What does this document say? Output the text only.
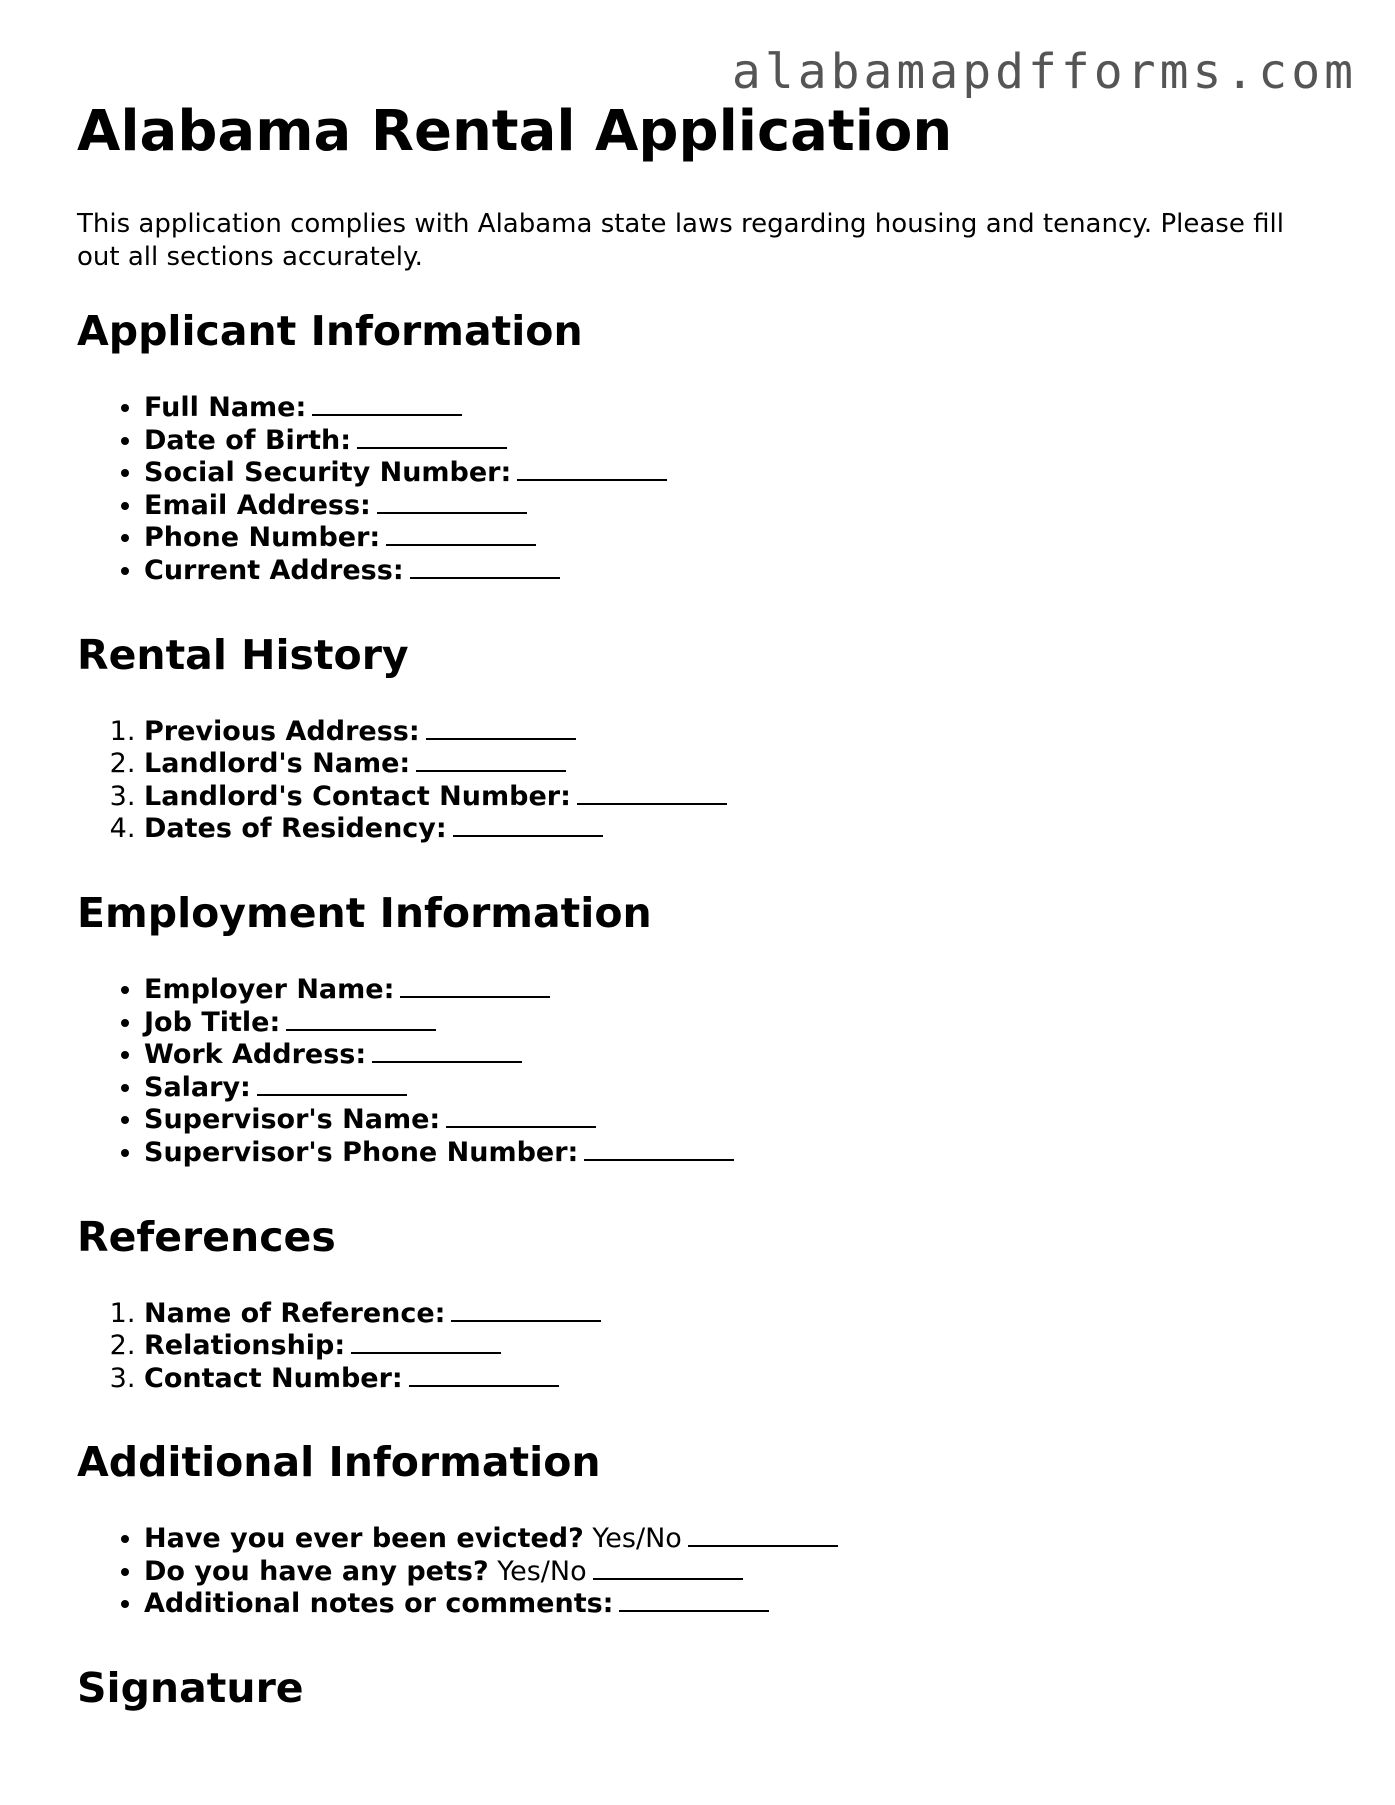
alabamapdfforms.com

Alabama Rental Application

This application complies with Alabama state laws regarding housing and tenancy. Please fill out all sections accurately.

Applicant Information
• Full Name:
• Date of Birth:
• Social Security Number:
• Email Address:
• Phone Number:
• Current Address:
Rental History
1. Previous Address:
2. Landlord's Name:
3. Landlord's Contact Number:
4. Dates of Residency:
Employment Information
• Employer Name:
• Job Title:
• Work Address:
• Salary:
• Supervisor's Name:
• Supervisor's Phone Number:
References
1. Name of Reference:
2. Relationship:
3. Contact Number:
Additional Information
• Have you ever been evicted? Yes/No
• Do you have any pets? Yes/No
• Additional notes or comments:
Signature
